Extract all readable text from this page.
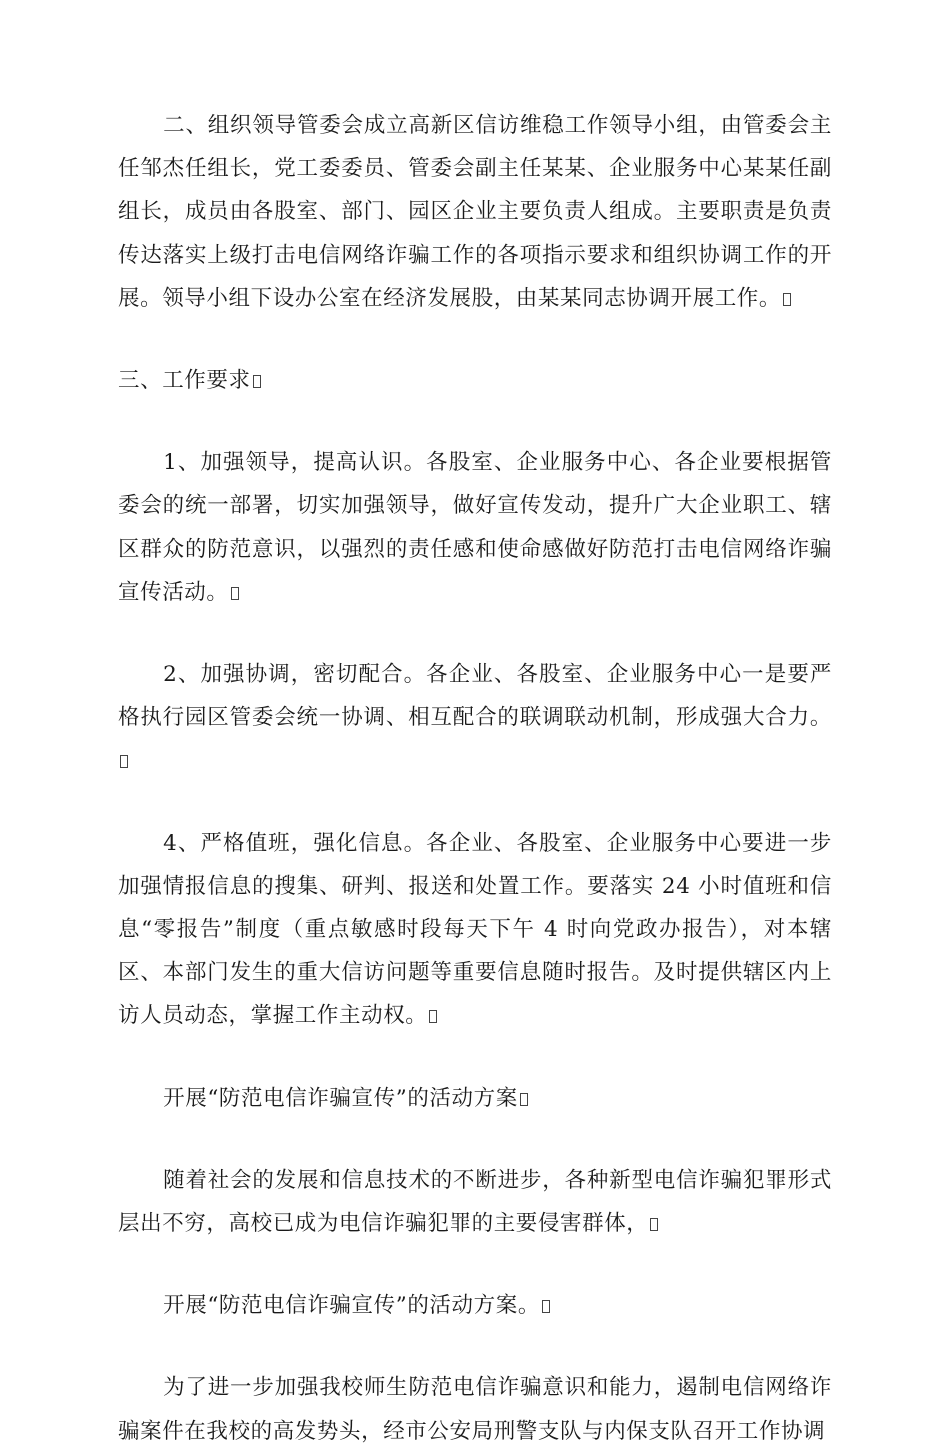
二、组织领导管委会成立高新区信访维稳工作领导小组，由管委会主任邹杰任组长，党工委委员、管委会副主任某某、企业服务中心某某任副组长，成员由各股室、部门、园区企业主要负责人组成。主要职责是负责传达落实上级打击电信网络诈骗工作的各项指示要求和组织协调工作的开展。领导小组下设办公室在经济发展股，由某某同志协调开展工作。

三、工作要求

1、加强领导，提高认识。各股室、企业服务中心、各企业要根据管委会的统一部署，切实加强领导，做好宣传发动，提升广大企业职工、辖区群众的防范意识，以强烈的责任感和使命感做好防范打击电信网络诈骗宣传活动。

2、加强协调，密切配合。各企业、各股室、企业服务中心一是要严格执行园区管委会统一协调、相互配合的联调联动机制，形成强大合力。

4、严格值班，强化信息。各企业、各股室、企业服务中心要进一步加强情报信息的搜集、研判、报送和处置工作。要落实 24 小时值班和信息“零报告”制度（重点敏感时段每天下午 4 时向党政办报告），对本辖区、本部门发生的重大信访问题等重要信息随时报告。及时提供辖区内上访人员动态，掌握工作主动权。

开展“防范电信诈骗宣传”的活动方案

随着社会的发展和信息技术的不断进步，各种新型电信诈骗犯罪形式层出不穷，高校已成为电信诈骗犯罪的主要侵害群体，

开展“防范电信诈骗宣传”的活动方案。

为了进一步加强我校师生防范电信诈骗意识和能力，遏制电信网络诈骗案件在我校的高发势头，经市公安局刑警支队与内保支队召开工作协调
